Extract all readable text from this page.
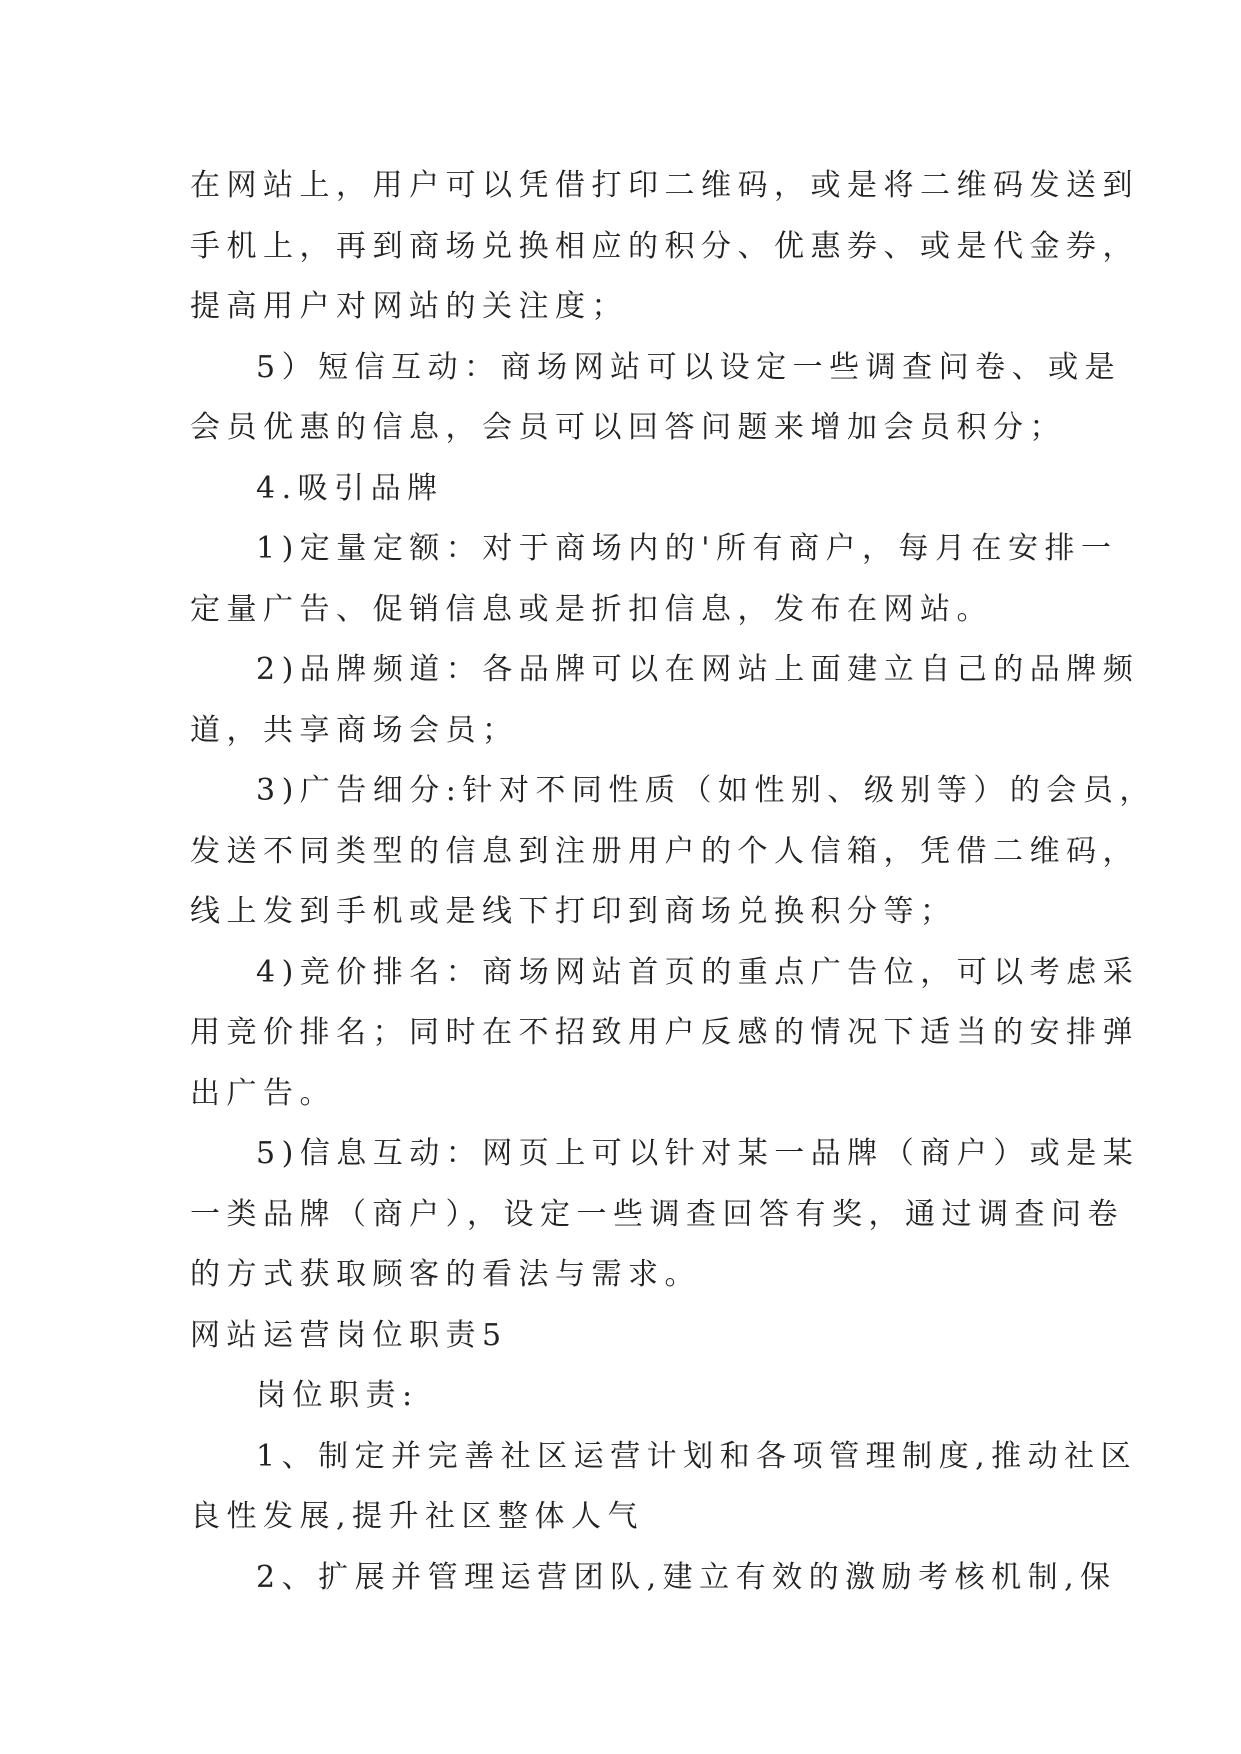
在网站上，用户可以凭借打印二维码，或是将二维码发送到

手机上，再到商场兑换相应的积分、优惠券、或是代金券，

提高用户对网站的关注度；

5）短信互动：商场网站可以设定一些调查问卷、或是

会员优惠的信息，会员可以回答问题来增加会员积分；

4.吸引品牌

1)定量定额：对于商场内的'所有商户，每月在安排一

定量广告、促销信息或是折扣信息，发布在网站。

2)品牌频道：各品牌可以在网站上面建立自己的品牌频

道，共享商场会员；

3)广告细分:针对不同性质（如性别、级别等）的会员，

发送不同类型的信息到注册用户的个人信箱，凭借二维码，

线上发到手机或是线下打印到商场兑换积分等；

4)竞价排名：商场网站首页的重点广告位，可以考虑采

用竞价排名；同时在不招致用户反感的情况下适当的安排弹

出广告。

5)信息互动：网页上可以针对某一品牌（商户）或是某

一类品牌（商户），设定一些调查回答有奖，通过调查问卷

的方式获取顾客的看法与需求。

网站运营岗位职责5

岗位职责:

1、制定并完善社区运营计划和各项管理制度,推动社区

良性发展,提升社区整体人气

2、扩展并管理运营团队,建立有效的激励考核机制,保
